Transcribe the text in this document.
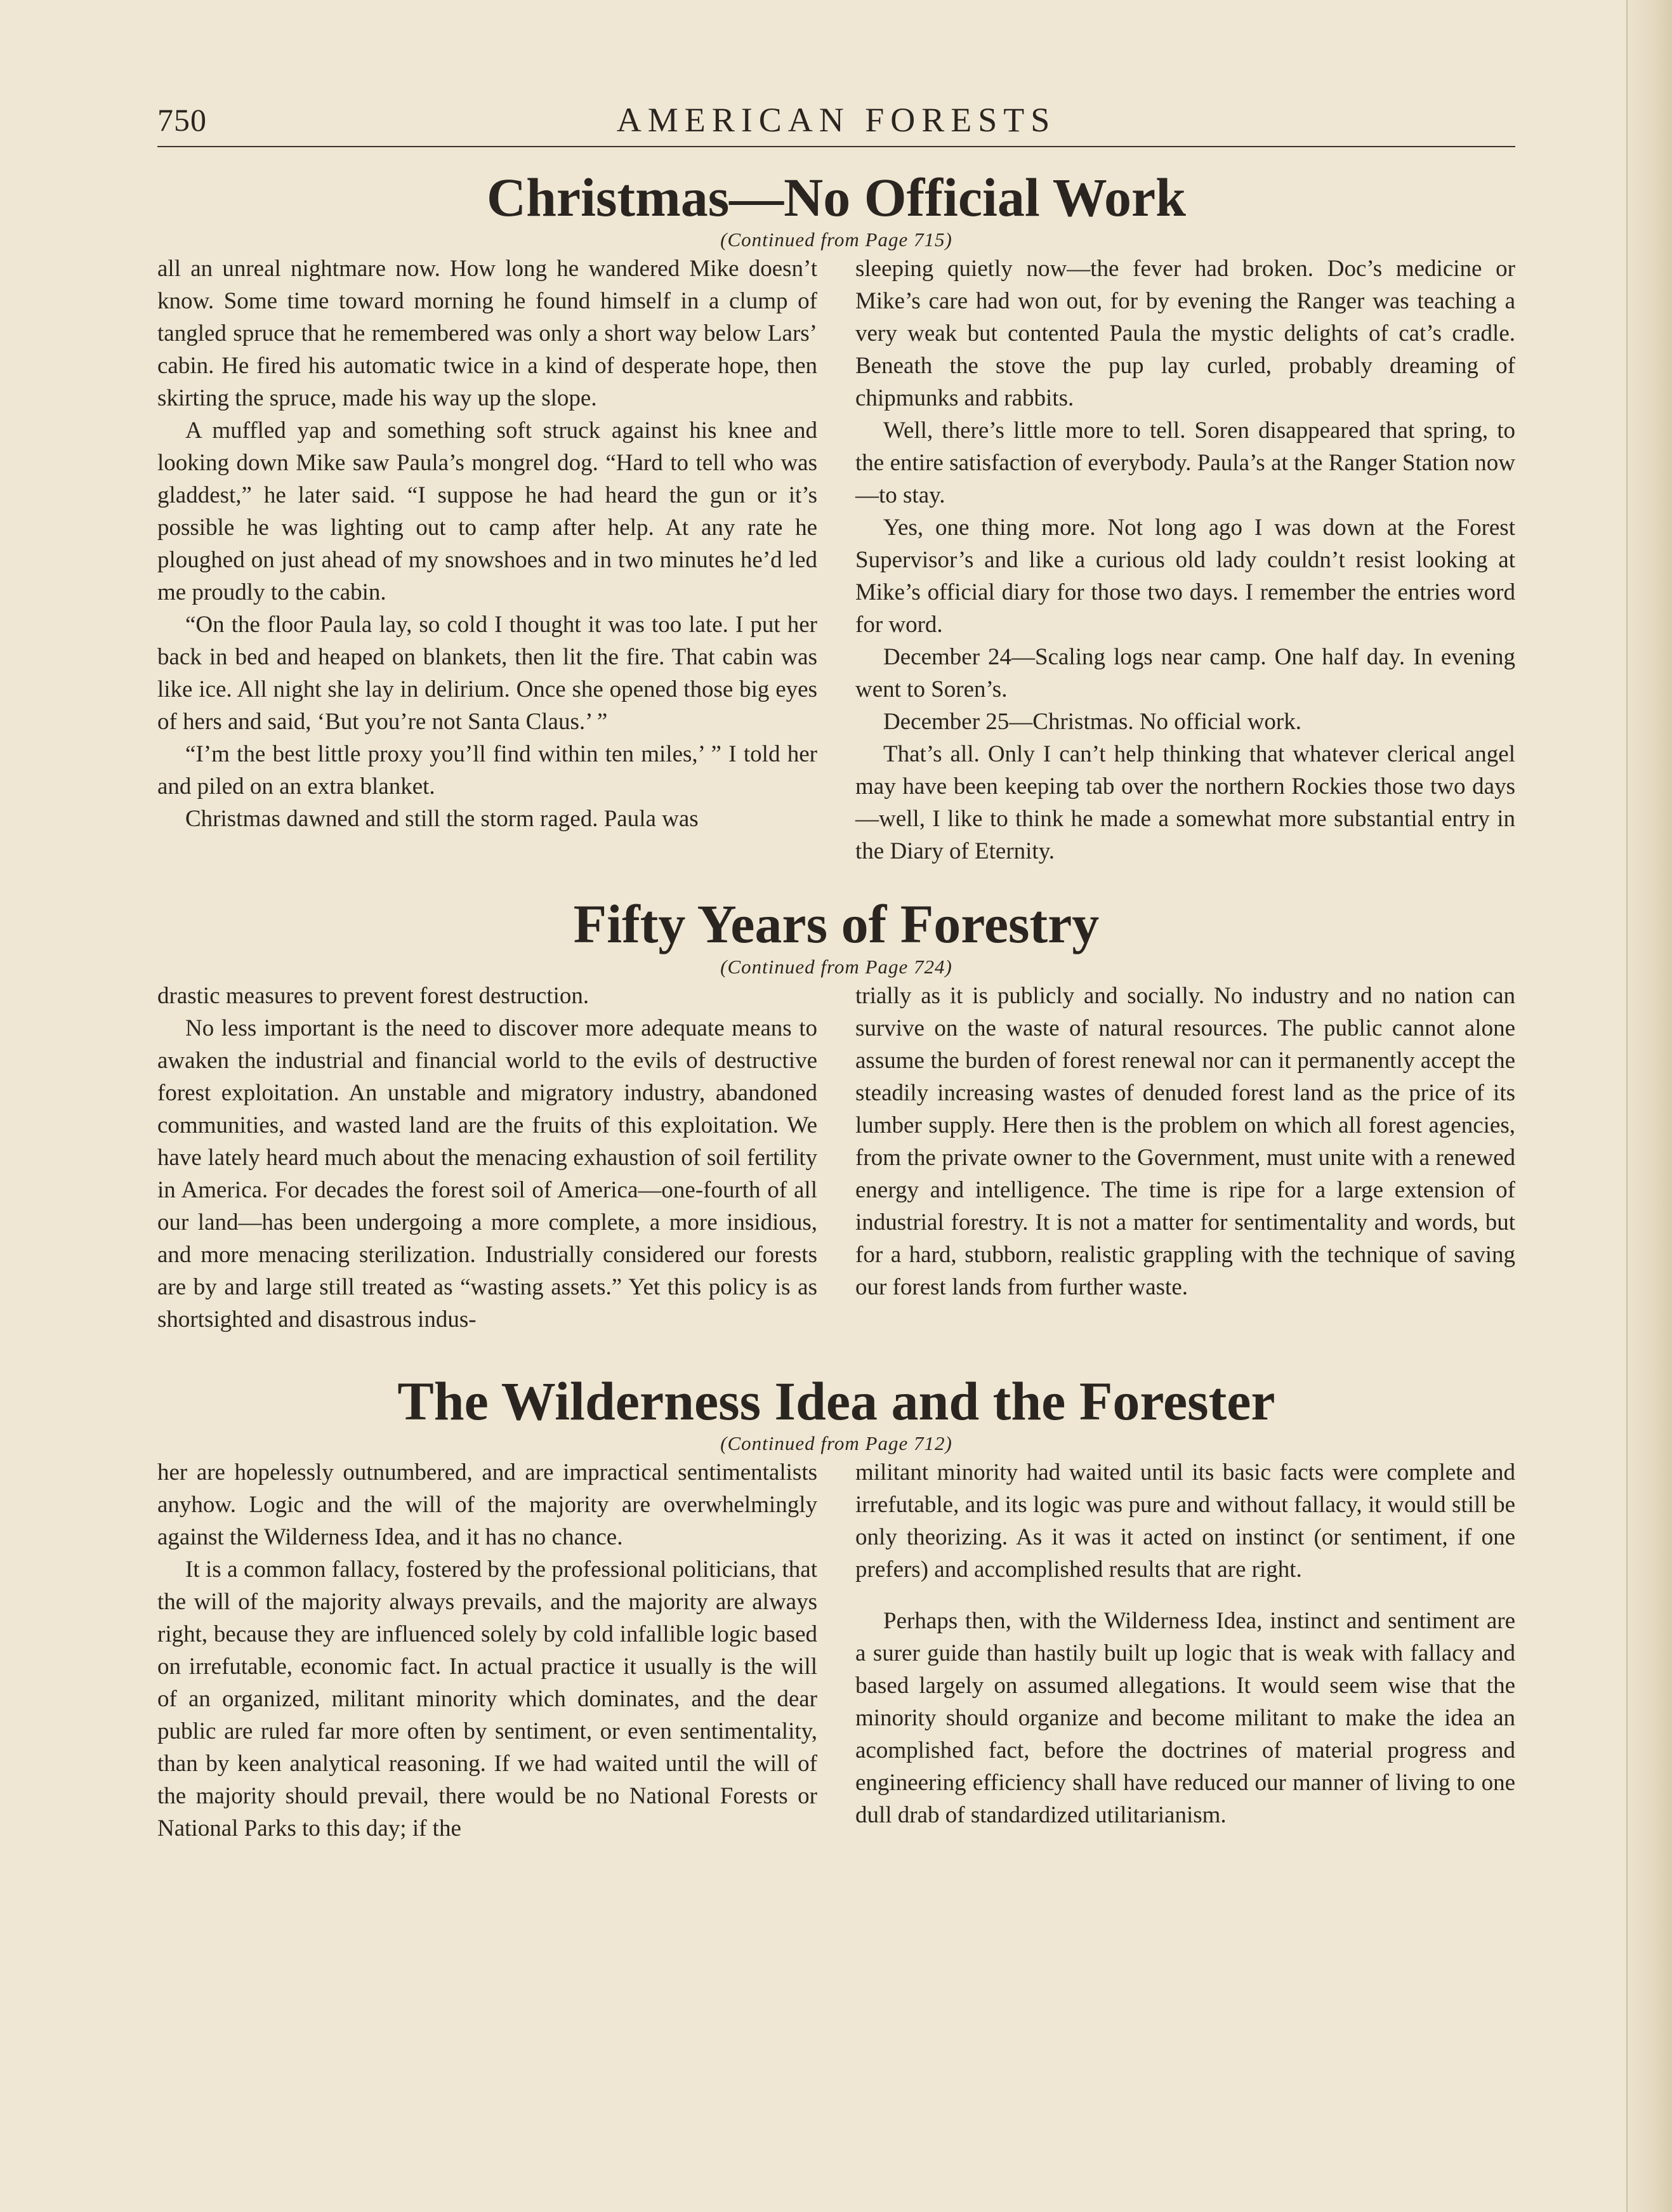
750	AMERICAN FORESTS
Christmas—No Official Work
(Continued from Page 715)

all an unreal nightmare now. How long he wandered Mike doesn’t know. Some time toward morning he found himself in a clump of tangled spruce that he remembered was only a short way below Lars’ cabin. He fired his automatic twice in a kind of desperate hope, then skirting the spruce, made his way up the slope.

A muffled yap and something soft struck against his knee and looking down Mike saw Paula’s mongrel dog. “Hard to tell who was gladdest,” he later said. “I suppose he had heard the gun or it’s possible he was lighting out to camp after help. At any rate he ploughed on just ahead of my snowshoes and in two minutes he’d led me proudly to the cabin.

“On the floor Paula lay, so cold I thought it was too late. I put her back in bed and heaped on blankets, then lit the fire. That cabin was like ice. All night she lay in delirium. Once she opened those big eyes of hers and said, ‘But you’re not Santa Claus.’ ”

“I’m the best little proxy you’ll find within ten miles,’ ” I told her and piled on an extra blanket.

Christmas dawned and still the storm raged. Paula was

sleeping quietly now—the fever had broken. Doc’s medicine or Mike’s care had won out, for by evening the Ranger was teaching a very weak but contented Paula the mystic delights of cat’s cradle. Beneath the stove the pup lay curled, probably dreaming of chipmunks and rabbits.

Well, there’s little more to tell. Soren disappeared that spring, to the entire satisfaction of everybody. Paula’s at the Ranger Station now—to stay.

Yes, one thing more. Not long ago I was down at the Forest Supervisor’s and like a curious old lady couldn’t resist looking at Mike’s official diary for those two days. I remember the entries word for word.

December 24—Scaling logs near camp. One half day. In evening went to Soren’s.

December 25—Christmas. No official work.

That’s all. Only I can’t help thinking that whatever clerical angel may have been keeping tab over the northern Rockies those two days—well, I like to think he made a somewhat more substantial entry in the Diary of Eternity.

Fifty Years of Forestry
(Continued from Page 724)

drastic measures to prevent forest destruction.

No less important is the need to discover more adequate means to awaken the industrial and financial world to the evils of destructive forest exploitation. An unstable and migratory industry, abandoned communities, and wasted land are the fruits of this exploitation. We have lately heard much about the menacing exhaustion of soil fertility in America. For decades the forest soil of America—one-fourth of all our land—has been undergoing a more complete, a more insidious, and more menacing sterilization. Industrially considered our forests are by and large still treated as “wasting assets.” Yet this policy is as shortsighted and disastrous indus-

trially as it is publicly and socially. No industry and no nation can survive on the waste of natural resources. The public cannot alone assume the burden of forest renewal nor can it permanently accept the steadily increasing wastes of denuded forest land as the price of its lumber supply. Here then is the problem on which all forest agencies, from the private owner to the Government, must unite with a renewed energy and intelligence. The time is ripe for a large extension of industrial forestry. It is not a matter for sentimentality and words, but for a hard, stubborn, realistic grappling with the technique of saving our forest lands from further waste.

The Wilderness Idea and the Forester
(Continued from Page 712)

her are hopelessly outnumbered, and are impractical sentimentalists anyhow. Logic and the will of the majority are overwhelmingly against the Wilderness Idea, and it has no chance.

It is a common fallacy, fostered by the professional politicians, that the will of the majority always prevails, and the majority are always right, because they are influenced solely by cold infallible logic based on irrefutable, economic fact. In actual practice it usually is the will of an organized, militant minority which dominates, and the dear public are ruled far more often by sentiment, or even sentimentality, than by keen analytical reasoning. If we had waited until the will of the majority should prevail, there would be no National Forests or National Parks to this day; if the

militant minority had waited until its basic facts were complete and irrefutable, and its logic was pure and without fallacy, it would still be only theorizing. As it was it acted on instinct (or sentiment, if one prefers) and accomplished results that are right.

Perhaps then, with the Wilderness Idea, instinct and sentiment are a surer guide than hastily built up logic that is weak with fallacy and based largely on assumed allegations. It would seem wise that the minority should organize and become militant to make the idea an acomplished fact, before the doctrines of material progress and engineering efficiency shall have reduced our manner of living to one dull drab of standardized utilitarianism.
